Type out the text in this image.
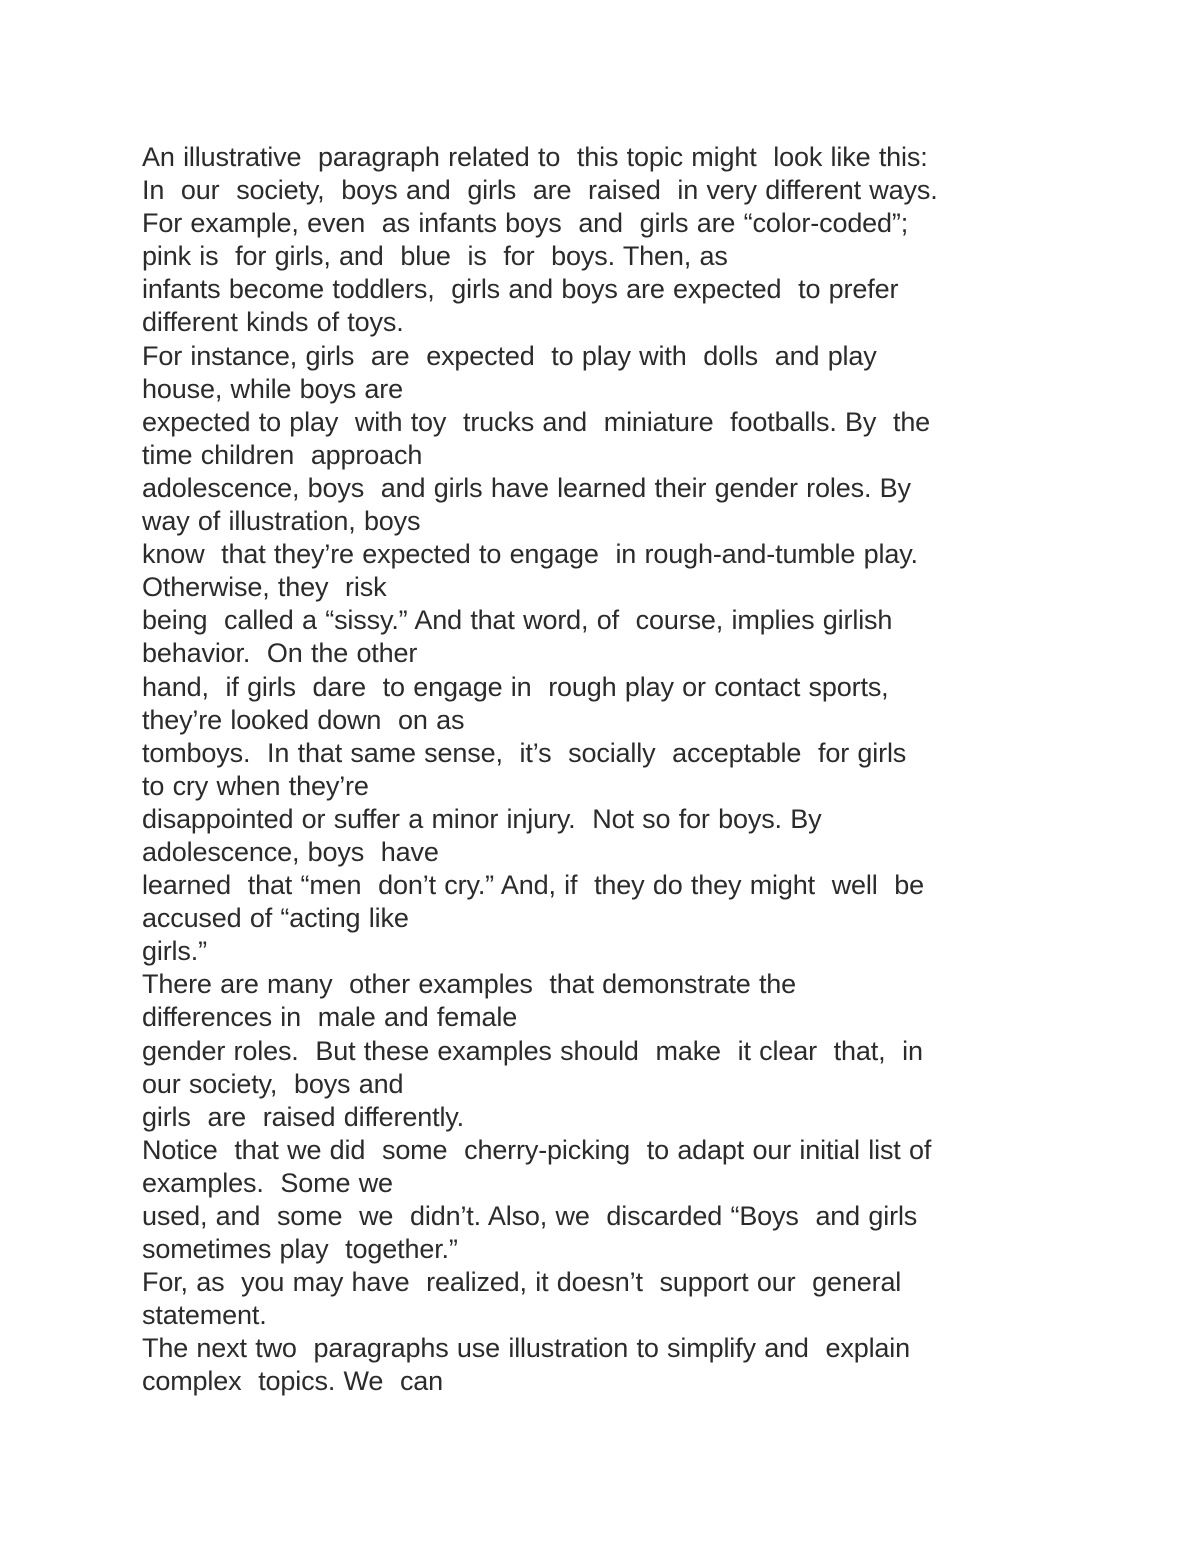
An illustrative  paragraph related to  this topic might  look like this:
In  our  society,  boys and  girls  are  raised  in very different ways.
For example, even  as infants boys  and  girls are “color-coded”;
pink is  for girls, and  blue  is  for  boys. Then, as
infants become toddlers,  girls and boys are expected  to prefer
different kinds of toys.
For instance, girls  are  expected  to play with  dolls  and play
house, while boys are
expected to play  with toy  trucks and  miniature  footballs. By  the
time children  approach
adolescence, boys  and girls have learned their gender roles. By
way of illustration, boys
know  that they’re expected to engage  in rough-and-tumble play.
Otherwise, they  risk
being  called a “sissy.” And that word, of  course, implies girlish
behavior.  On the other
hand,  if girls  dare  to engage in  rough play or contact sports,
they’re looked down  on as
tomboys.  In that same sense,  it’s  socially  acceptable  for girls
to cry when they’re
disappointed or suffer a minor injury.  Not so for boys. By
adolescence, boys  have
learned  that “men  don’t cry.” And, if  they do they might  well  be
accused of “acting like
girls.”
There are many  other examples  that demonstrate the
differences in  male and female
gender roles.  But these examples should  make  it clear  that,  in
our society,  boys and
girls  are  raised differently.
Notice  that we did  some  cherry-picking  to adapt our initial list of
examples.  Some we
used, and  some  we  didn’t. Also, we  discarded “Boys  and girls
sometimes play  together.”
For, as  you may have  realized, it doesn’t  support our  general
statement.
The next two  paragraphs use illustration to simplify and  explain
complex  topics. We  can
